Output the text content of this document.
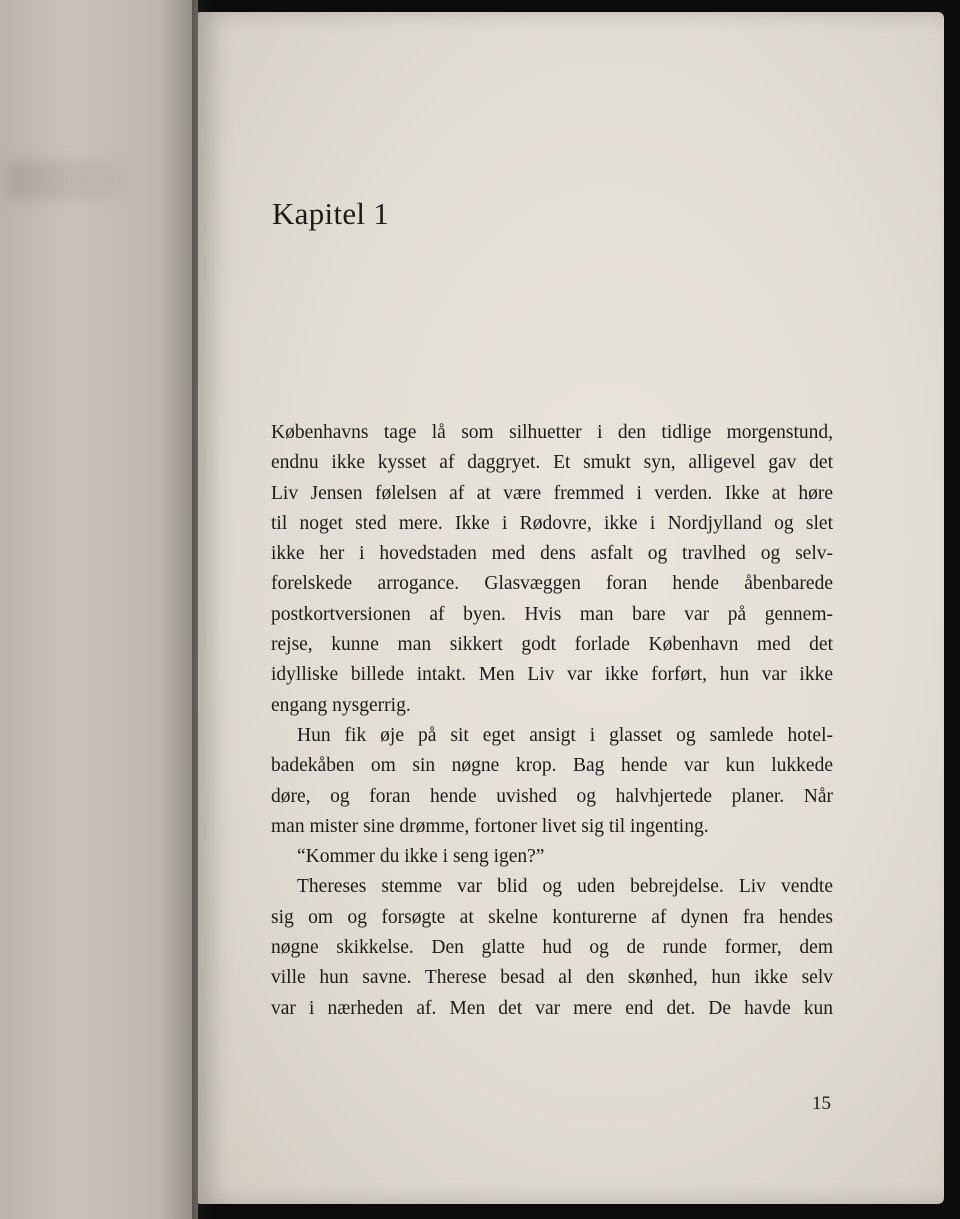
Kapitel 1
Københavns tage lå som silhuetter i den tidlige morgenstund,
endnu ikke kysset af daggryet. Et smukt syn, alligevel gav det
Liv Jensen følelsen af at være fremmed i verden. Ikke at høre
til noget sted mere. Ikke i Rødovre, ikke i Nordjylland og slet
ikke her i hovedstaden med dens asfalt og travlhed og selv-
forelskede arrogance. Glasvæggen foran hende åbenbarede
postkortversionen af byen. Hvis man bare var på gennem-
rejse, kunne man sikkert godt forlade København med det
idylliske billede intakt. Men Liv var ikke forført, hun var ikke
engang nysgerrig.
Hun fik øje på sit eget ansigt i glasset og samlede hotel-
badekåben om sin nøgne krop. Bag hende var kun lukkede
døre, og foran hende uvished og halvhjertede planer. Når
man mister sine drømme, fortoner livet sig til ingenting.
“Kommer du ikke i seng igen?”
Thereses stemme var blid og uden bebrejdelse. Liv vendte
sig om og forsøgte at skelne konturerne af dynen fra hendes
nøgne skikkelse. Den glatte hud og de runde former, dem
ville hun savne. Therese besad al den skønhed, hun ikke selv
var i nærheden af. Men det var mere end det. De havde kun

15
